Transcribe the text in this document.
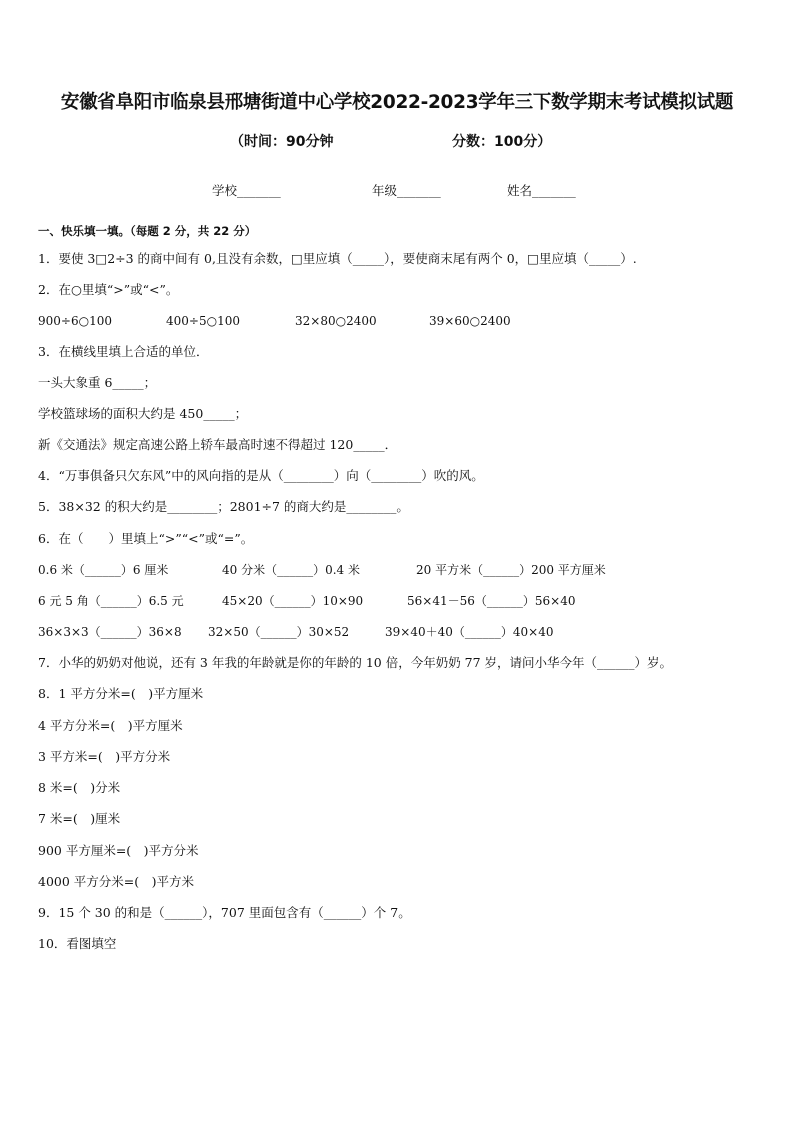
安徽省阜阳市临泉县邢塘街道中心学校2022-2023学年三下数学期末考试模拟试题
（时间：90分钟	分数：100分）
学校_______	年级_______	姓名_______
一、快乐填一填。（每题 2 分，共 22 分）
1．要使 3□2÷3 的商中间有 0,且没有余数，□里应填（_____），要使商末尾有两个 0，□里应填（_____）.
2．在○里填“>”或“<”。
900÷6○100	400÷5○100	32×80○2400	39×60○2400
3．在横线里填上合适的单位．
一头大象重 6_____；
学校篮球场的面积大约是 450_____；
新《交通法》规定高速公路上轿车最高时速不得超过 120_____．
4．“万事俱备只欠东风”中的风向指的是从（________）向（________）吹的风。
5．38×32 的积大约是________；2801÷7 的商大约是________。
6．在（　　）里填上“>”“<”或“=”。
0.6 米（______）6 厘米	40 分米（______）0.4 米	20 平方米（______）200 平方厘米
6 元 5 角（______）6.5 元	45×20（______）10×90	56×41－56（______）56×40
36×3×3（______）36×8 32×50（______）30×52	39×40＋40（______）40×40
7．小华的奶奶对他说，还有 3 年我的年龄就是你的年龄的 10 倍，今年奶奶 77 岁，请问小华今年（______）岁。
8．1 平方分米=(　)平方厘米
4 平方分米=(　)平方厘米
3 平方米=(　)平方分米
8 米=(　)分米
7 米=(　)厘米
900 平方厘米=(　)平方分米
4000 平方分米=(　)平方米
9．15 个 30 的和是（______），707 里面包含有（______）个 7。
10．看图填空
